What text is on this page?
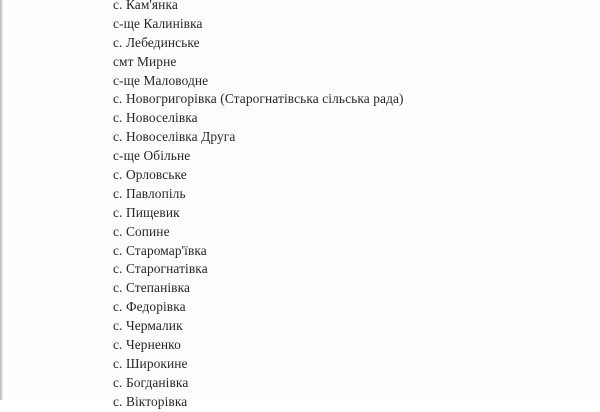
с. Кам'янка
с-ще Калинівка
с. Лебединське
смт Мирне
с-ще Маловодне
с. Новогригорівка (Старогнатівська сільська рада)
с. Новоселівка
с. Новоселівка Друга
с-ще Обільне
с. Орловське
с. Павлопіль
с. Пищевик
с. Сопине
с. Старомар'ївка
с. Старогнатівка
с. Степанівка
с. Федорівка
с. Чермалик
с. Черненко
с. Широкине
с. Богданівка
с. Вікторівка
